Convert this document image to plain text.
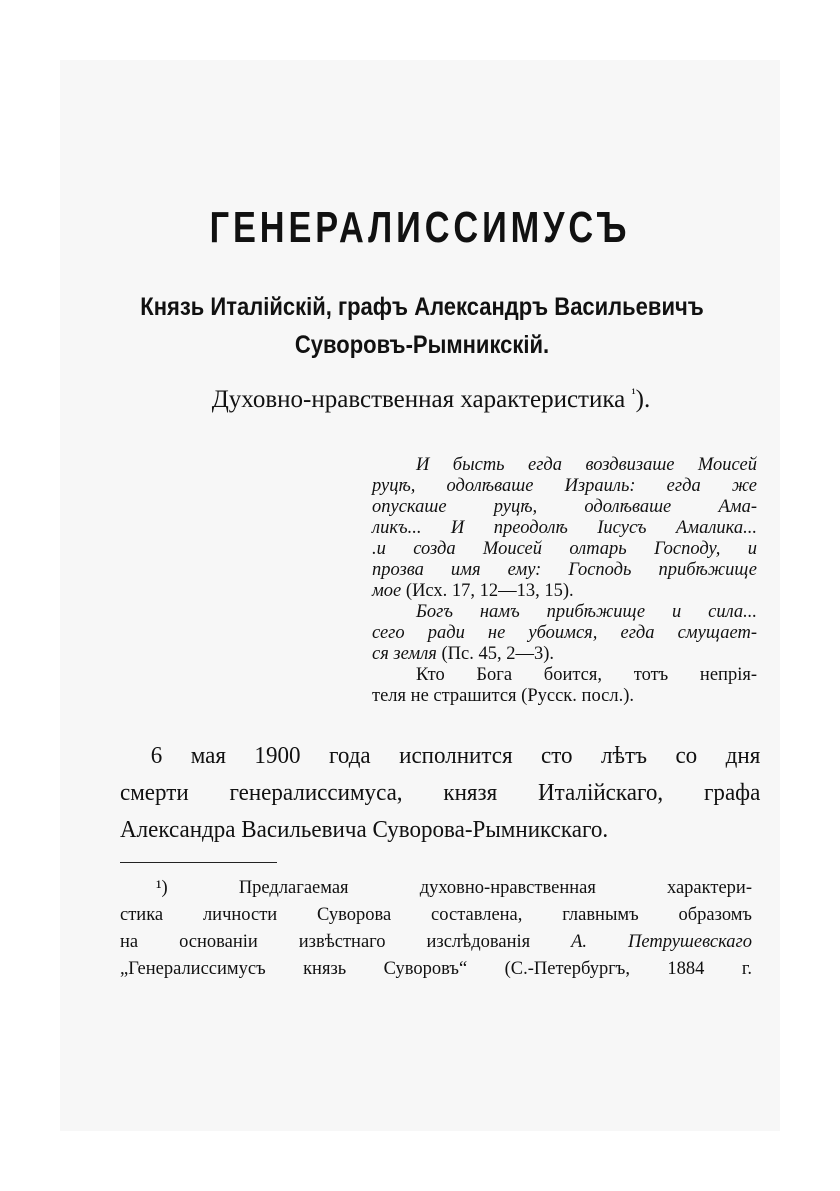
ГЕНЕРАЛИССИМУСЪ
Князь Италійскій, графъ Александръ Васильевичъ
Суворовъ-Рымникскій.
Духовно-нравственная характеристика $^{^1}$).
И бысть егда воздвизаше Моисей
руцѣ, одолѣваше Израиль: егда же
опускаше руцѣ, одолѣваше Ама-
ликъ... И преодолѣ Іисусъ Амалика...
.и созда Моисей олтарь Господу, и
прозва имя ему: Господь прибѣжище
мое (Исх. 17, 12—13, 15).
Богъ намъ прибѣжище и сила...
сего ради не убоимся, егда смущает-
ся земля (Пс. 45, 2—3).
Кто Бога боится, тотъ непрія-
теля не страшится (Русск. посл.).
6 мая 1900 года исполнится сто лѣтъ со дня
смерти генералиссимуса, князя Италійскаго, графа
Александра Васильевича Суворова-Рымникскаго.
¹) Предлагаемая духовно-нравственная характери-
стика личности Суворова составлена, главнымъ образомъ
на основаніи извѣстнаго изслѣдованія А. Петрушевскаго
„Генералиссимусъ князь Суворовъ“ (С.-Петербургъ, 1884 г.
